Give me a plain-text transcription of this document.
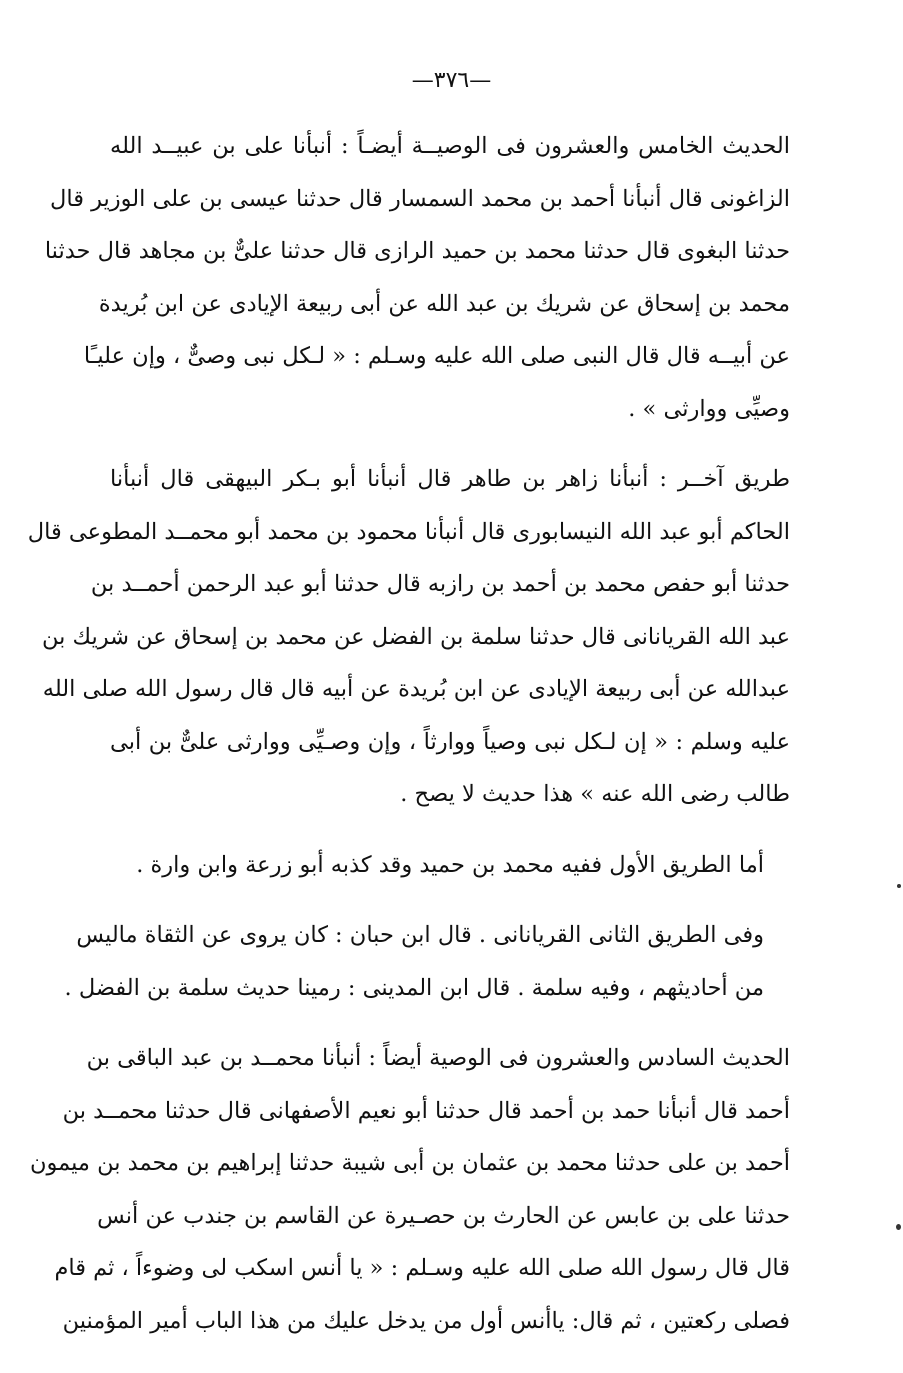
—٣٧٦—

الحديث الخامس والعشرون فى الوصيــة أيضـاً : أنبأنا على بن عبيــد الله
الزاغونى قال أنبأنا أحمد بن محمد السمسار قال حدثنا عيسى بن على الوزير قال
حدثنا البغوى قال حدثنا محمد بن حميد الرازى قال حدثنا علىٌّ بن مجاهد قال حدثنا
محمد بن إسحاق عن شريك بن عبد الله عن أبى ربيعة الإيادى عن ابن بُريدة
عن أبيــه قال قال النبى صلى الله عليه وسـلم : « لـكل نبى وصىٌّ ، وإن عليـًا
وصيِّى ووارثى » .

طريق آخــر : أنبأنا زاهر بن طاهر قال أنبأنا أبو بـكر البيهقى قال أنبأنا
الحاكم أبو عبد الله النيسابورى قال أنبأنا محمود بن محمد أبو محمــد المطوعى قال
حدثنا أبو حفص محمد بن أحمد بن رازبه قال حدثنا أبو عبد الرحمن أحمــد بن
عبد الله القريانانى قال حدثنا سلمة بن الفضل عن محمد بن إسحاق عن شريك بن
عبدالله عن أبى ربيعة الإيادى عن ابن بُريدة عن أبيه قال قال رسول الله صلى الله
عليه وسلم : « إن لـكل نبى وصياً ووارثاً ، وإن وصـيِّى ووارثى علىٌّ بن أبى
طالب رضى الله عنه » هذا حديث لا يصح .

أما الطريق الأول ففيه محمد بن حميد وقد كذبه أبو زرعة وابن وارة .

وفى الطريق الثانى القريانانى . قال ابن حبان : كان يروى عن الثقاة ماليس
من أحاديثهم ، وفيه سلمة . قال ابن المدينى : رمينا حديث سلمة بن الفضل .

الحديث السادس والعشرون فى الوصية أيضاً : أنبأنا محمــد بن عبد الباقى بن
أحمد قال أنبأنا حمد بن أحمد قال حدثنا أبو نعيم الأصفهانى قال حدثنا محمــد بن
أحمد بن على حدثنا محمد بن عثمان بن أبى شيبة حدثنا إبراهيم بن محمد بن ميمون
حدثنا على بن عابس عن الحارث بن حصـيرة عن القاسم بن جندب عن أنس
قال قال رسول الله صلى الله عليه وسـلم : « يا أنس اسكب لى وضوءاً ، ثم قام
فصلى ركعتين ، ثم قال: ياأنس أول من يدخل عليك من هذا الباب أمير المؤمنين
